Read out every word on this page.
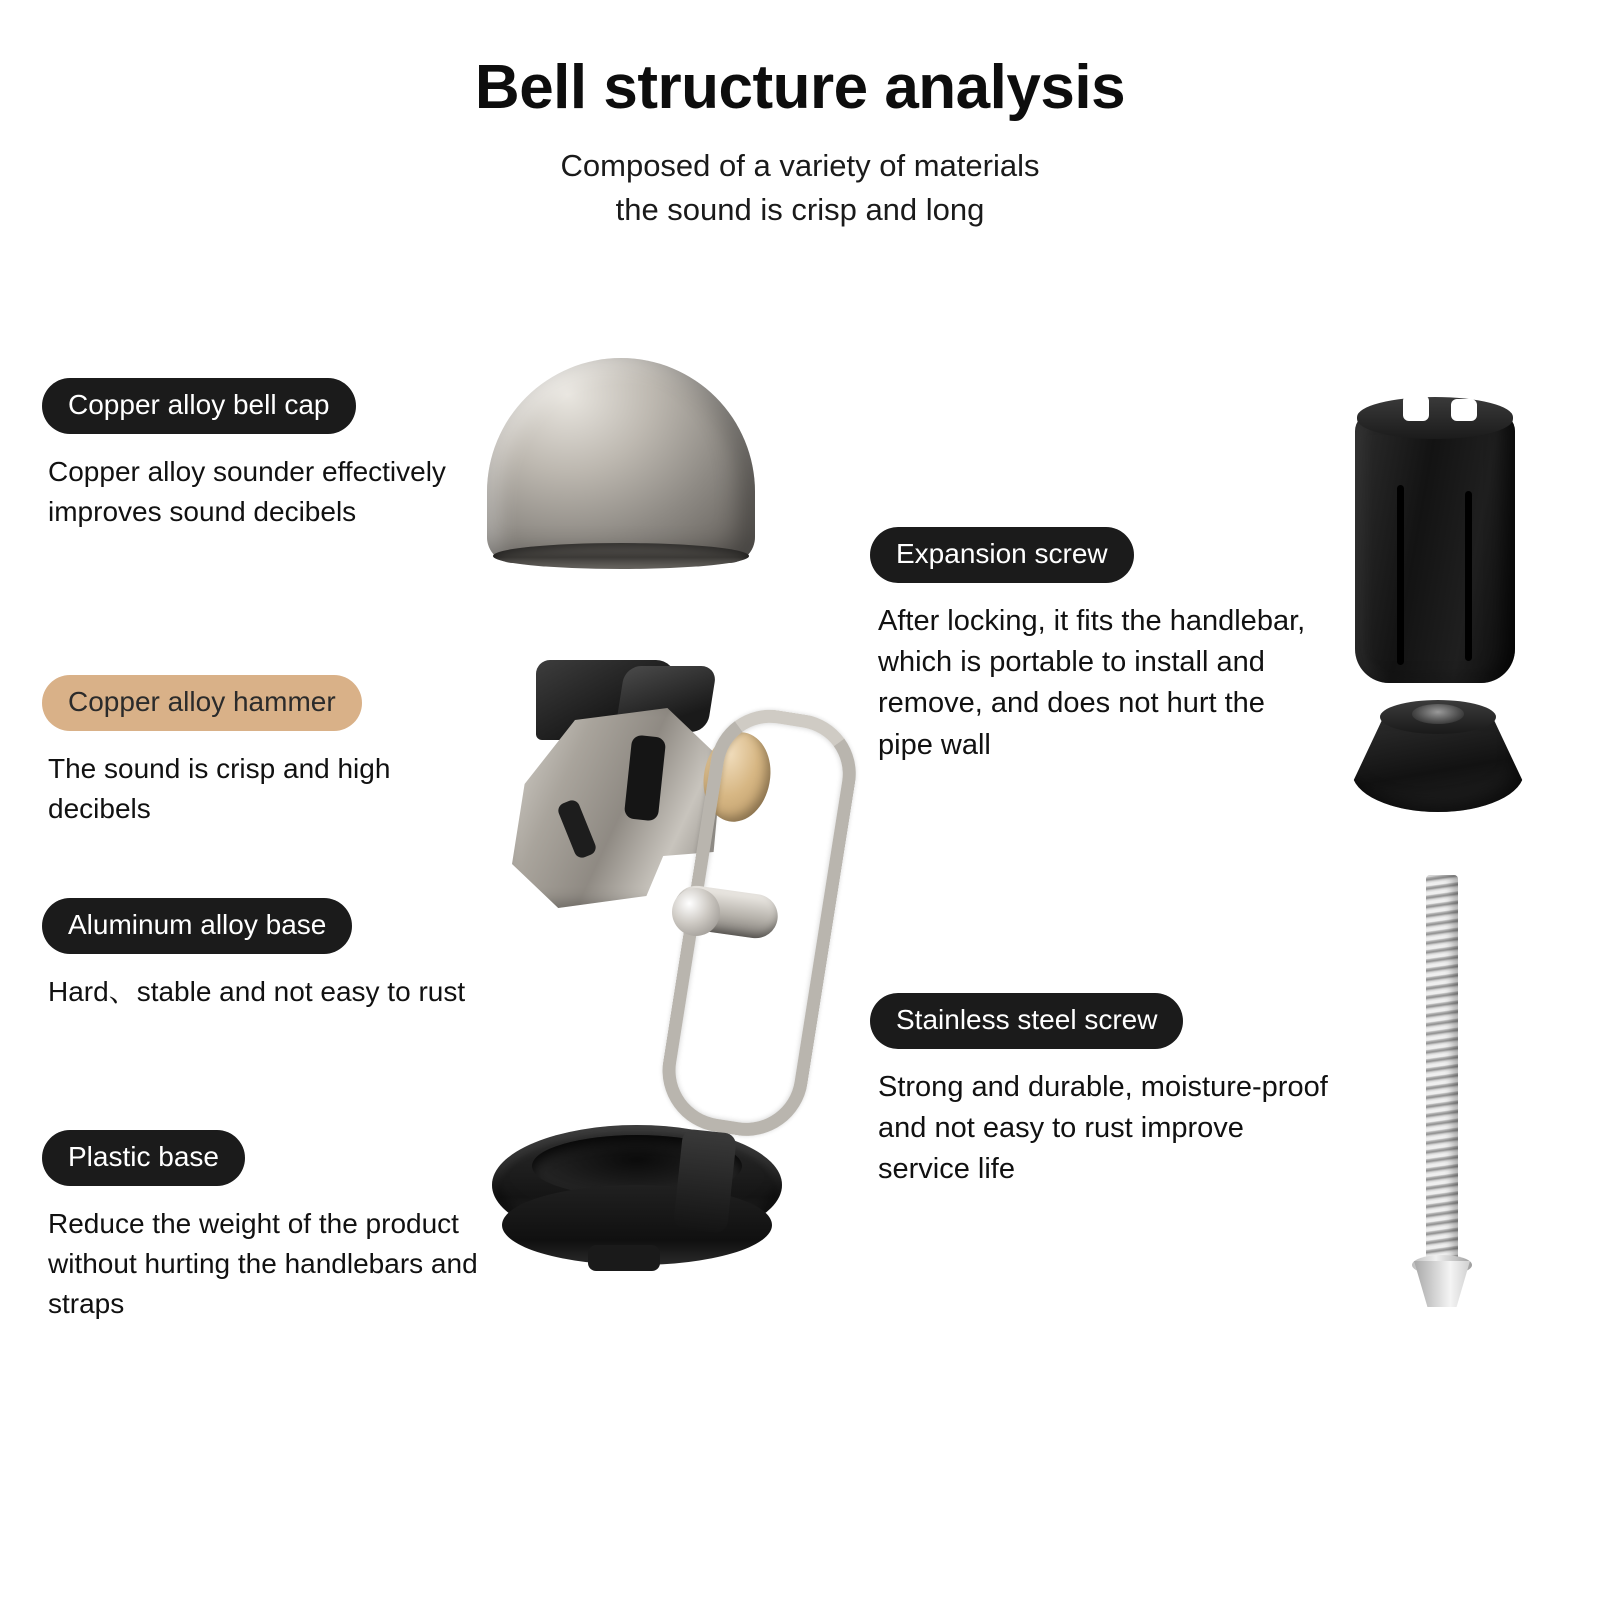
Bell structure analysis
Composed of a variety of materials
the sound is crisp and long
Copper alloy bell cap
Copper alloy sounder effectively improves sound decibels
Copper alloy hammer
The sound is crisp and high decibels
Aluminum alloy base
Hard、stable and not easy to rust
Plastic base
Reduce the weight of the product without hurting the handlebars and straps
Expansion screw
After locking, it fits the handlebar, which is portable to install and remove, and does not hurt the pipe wall
Stainless steel screw
Strong and durable, moisture-proof and not easy to rust improve service life
